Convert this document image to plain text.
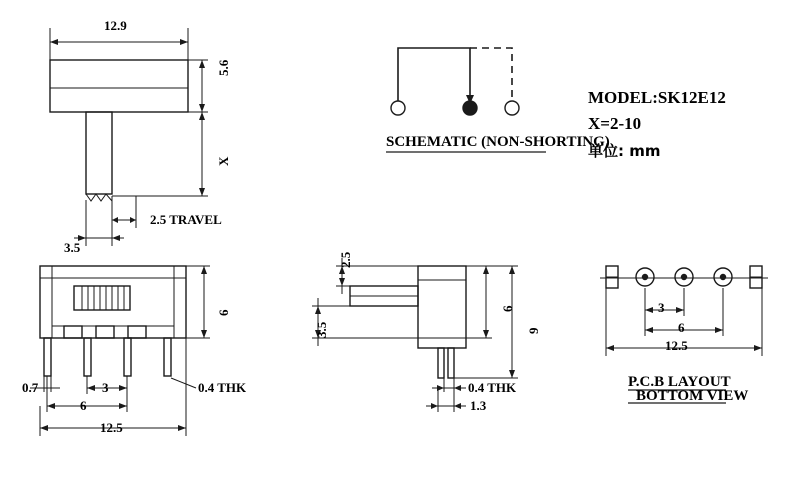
12.9
5.6
X
2.5 TRAVEL
3.5
SCHEMATIC (NON-SHORTING)
MODEL:SK12E12
X=2-10
单位: mm
6
0.7	3	0.4 THK
6
12.5
2.5
3.5
6
9
0.4 THK
1.3
3
6
12.5
P.C.B LAYOUT
BOTTOM VIEW
